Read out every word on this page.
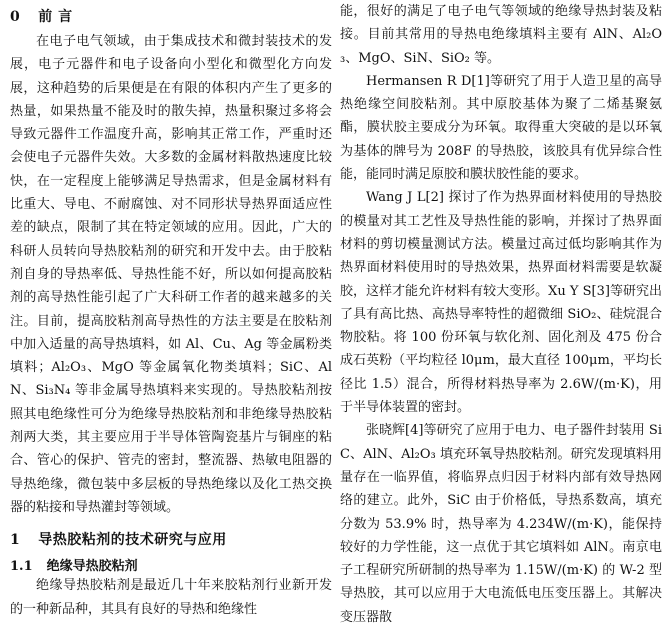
0 前 言

在电子电气领域，由于集成技术和微封装技术的发展，电子元器件和电子设备向小型化和微型化方向发展，这种趋势的后果便是在有限的体积内产生了更多的热量，如果热量不能及时的散失掉，热量积聚过多将会导致元器件工作温度升高，影响其正常工作，严重时还会使电子元器件失效。大多数的金属材料散热速度比较快，在一定程度上能够满足导热需求，但是金属材料有比重大、导电、不耐腐蚀、对不同形状导热界面适应性差的缺点，限制了其在特定领域的应用。因此，广大的科研人员转向导热胶粘剂的研究和开发中去。由于胶粘剂自身的导热率低、导热性能不好，所以如何提高胶粘剂的高导热性能引起了广大科研工作者的越来越多的关注。目前，提高胶粘剂高导热性的方法主要是在胶粘剂中加入适量的高导热填料，如 Al、Cu、Ag 等金属粉类填料；Al₂O₃、MgO 等金属氧化物类填料；SiC、AlN、Si₃N₄ 等非金属导热填料来实现的。导热胶粘剂按照其电绝缘性可分为绝缘导热胶粘剂和非绝缘导热胶粘剂两大类，其主要应用于半导体管陶瓷基片与铜座的粘合、管心的保护、管壳的密封，整流器、热敏电阻器的导热绝缘，微包装中多层板的导热绝缘以及化工热交换器的粘接和导热灌封等领域。

1 导热胶粘剂的技术研究与应用
1.1 绝缘导热胶粘剂

绝缘导热胶粘剂是最近几十年来胶粘剂行业新开发的一种新品种，其具有良好的导热和绝缘性

能，很好的满足了电子电气等领域的绝缘导热封装及粘接。目前其常用的导热电绝缘填料主要有 AlN、Al₂O₃、MgO、SiN、SiO₂ 等。

Hermansen R D[1]等研究了用于人造卫星的高导热绝缘空间胶粘剂。其中原胶基体为聚了二烯基聚氨酯，膜状胶主要成分为环氧。取得重大突破的是以环氧为基体的牌号为 208F 的导热胶，该胶具有优异综合性能，能同时满足原胶和膜状胶性能的要求。

Wang J L[2] 探讨了作为热界面材料使用的导热胶的模量对其工艺性及导热性能的影响，并探讨了热界面材料的剪切模量测试方法。模量过高过低均影响其作为热界面材料使用时的导热效果，热界面材料需要是软凝胶，这样才能允许材料有较大变形。Xu Y S[3]等研究出了具有高比热、高热导率特性的超微细 SiO₂、硅烷混合物胶粘。将 100 份环氧与软化剂、固化剂及 475 份合成石英粉（平均粒径 l0μm，最大直径 100μm，平均长径比 1.5）混合，所得材料热导率为 2.6W/(m·K)，用于半导体装置的密封。

张晓辉[4]等研究了应用于电力、电子器件封装用 SiC、AlN、Al₂O₃ 填充环氧导热胶粘剂。研究发现填料用量存在一临界值，将临界点归因于材料内部有效导热网络的建立。此外，SiC 由于价格低，导热系数高，填充分数为 53.9% 时，热导率为 4.234W/(m·K)，能保持较好的力学性能，这一点优于其它填料如 AlN。南京电子工程研究所研制的热导率为 1.15W/(m·K) 的 W-2 型导热胶，其可以应用于大电流低电压变压器上。其解决变压器散
